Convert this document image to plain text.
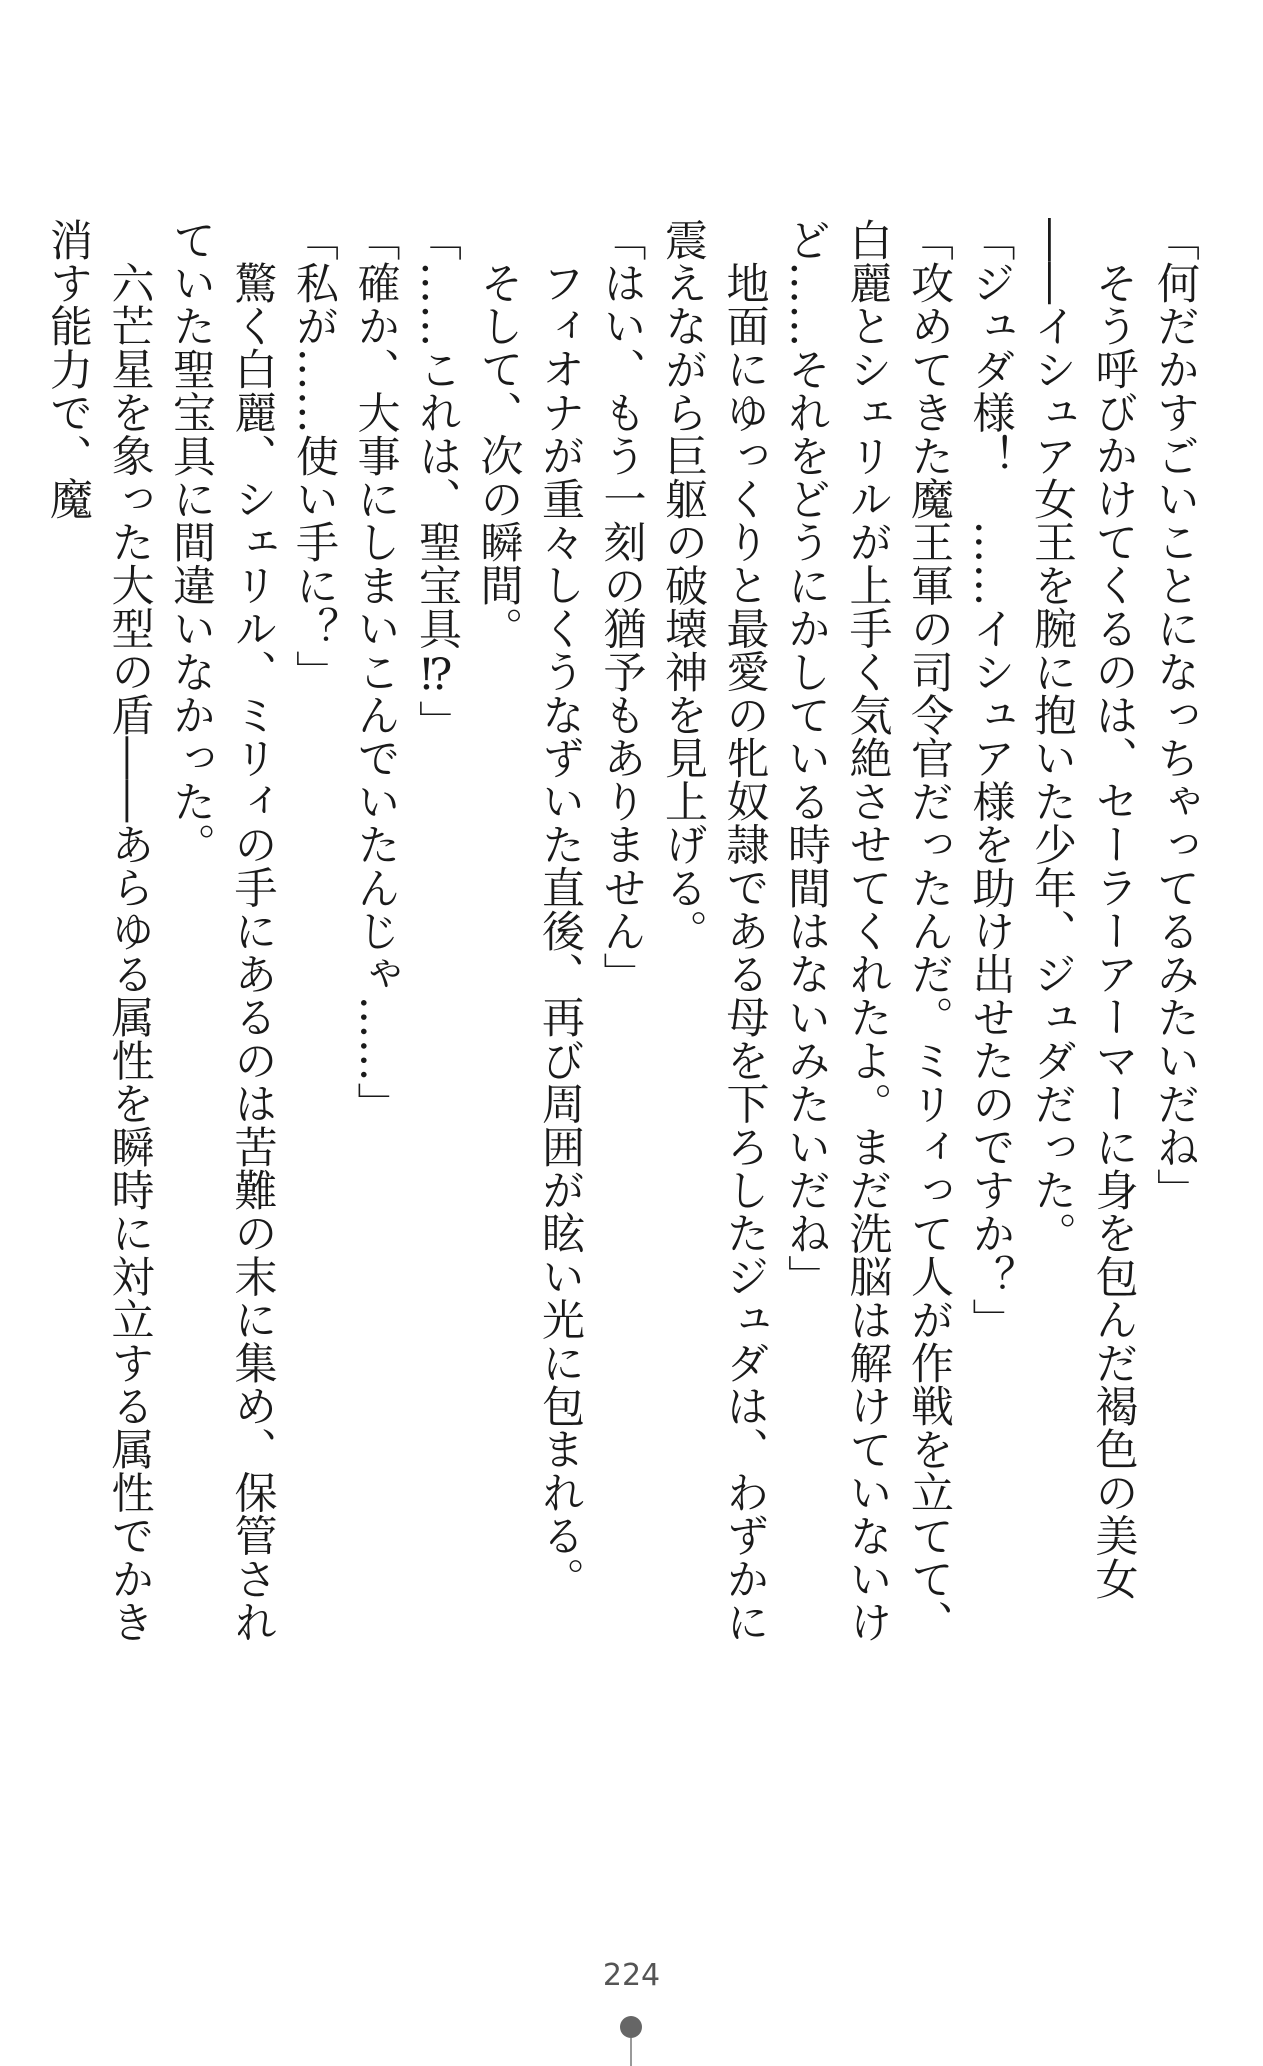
「何だかすごいことになっちゃってるみたいだね」

そう呼びかけてくるのは、セーラーアーマーに身を包んだ褐色の美女――イシュア女王を腕に抱いた少年、ジュダだった。

「ジュダ様！　……イシュア様を助け出せたのですか？」

「攻めてきた魔王軍の司令官だったんだ。ミリィって人が作戦を立てて、白麗とシェリルが上手く気絶させてくれたよ。まだ洗脳は解けていないけど……それをどうにかしている時間はないみたいだね」

地面にゆっくりと最愛の牝奴隷である母を下ろしたジュダは、わずかに震えながら巨躯の破壊神を見上げる。

「はい、もう一刻の猶予もありません」

フィオナが重々しくうなずいた直後、再び周囲が眩い光に包まれる。

そして、次の瞬間。

「……これは、聖宝具⁉」

「確か、大事にしまいこんでいたんじゃ……」

「私が……使い手に？」

驚く白麗、シェリル、ミリィの手にあるのは苦難の末に集め、保管されていた聖宝具に間違いなかった。

六芒星を象った大型の盾――あらゆる属性を瞬時に対立する属性でかき消す能力で、魔

224
